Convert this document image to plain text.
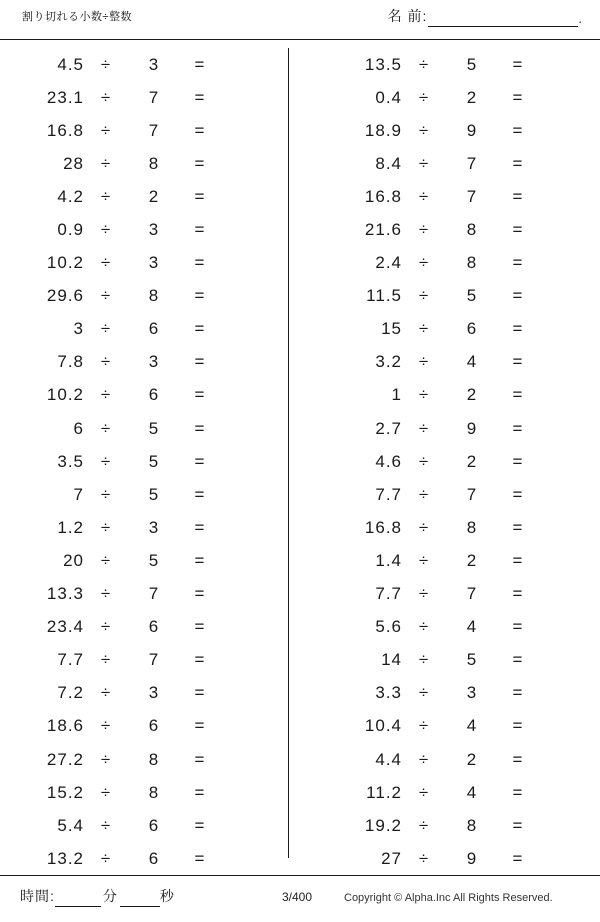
割り切れる小数÷整数	名 前:	.
4.5 ÷	3	=
23.1 ÷	7	=
16.8 ÷	7	=
28 ÷	8	=
4.2 ÷	2	=
0.9 ÷	3	=
10.2 ÷	3	=
29.6 ÷	8	=
3 ÷	6	=
7.8 ÷	3	=
10.2 ÷	6	=
6 ÷	5	=
3.5 ÷	5	=
7 ÷	5	=
1.2 ÷	3	=
20 ÷	5	=
13.3 ÷	7	=
23.4 ÷	6	=
7.7 ÷	7	=
7.2 ÷	3	=
18.6 ÷	6	=
27.2 ÷	8	=
15.2 ÷	8	=
5.4 ÷	6	=
13.2 ÷	6	=
13.5 ÷	5	=
0.4 ÷	2	=
18.9 ÷	9	=
8.4 ÷	7	=
16.8 ÷	7	=
21.6 ÷	8	=
2.4 ÷	8	=
11.5 ÷	5	=
15 ÷	6	=
3.2 ÷	4	=
1 ÷	2	=
2.7 ÷	9	=
4.6 ÷	2	=
7.7 ÷	7	=
16.8 ÷	8	=
1.4 ÷	2	=
7.7 ÷	7	=
5.6 ÷	4	=
14 ÷	5	=
3.3 ÷	3	=
10.4 ÷	4	=
4.4 ÷	2	=
11.2 ÷	4	=
19.2 ÷	8	=
27 ÷	9	=
時間:	分	秒	3/400	Copyright © Alpha.Inc All Rights Reserved.
